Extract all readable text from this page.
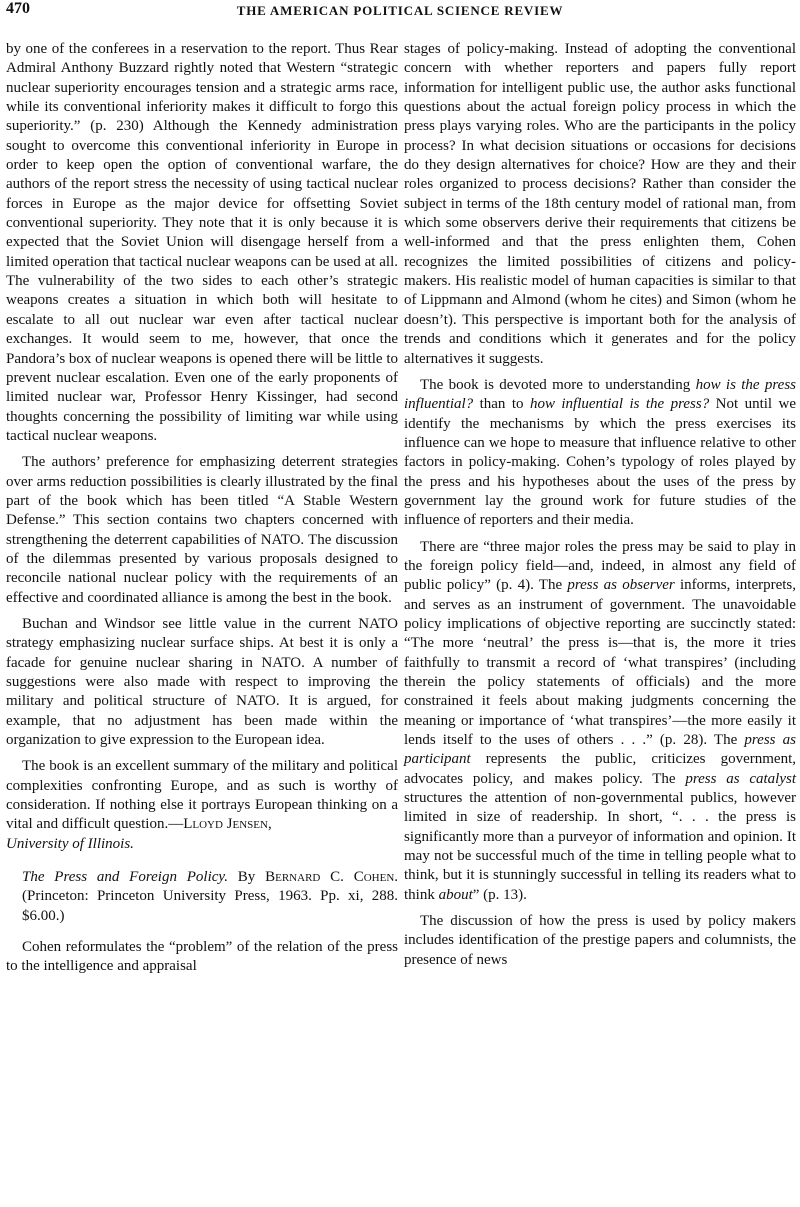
470	THE AMERICAN POLITICAL SCIENCE REVIEW

by one of the conferees in a reservation to the report. Thus Rear Admiral Anthony Buzzard rightly noted that Western “strategic nuclear superiority encourages tension and a strategic arms race, while its conventional inferiority makes it difficult to forgo this superiority.” (p. 230) Although the Kennedy administration sought to overcome this conventional inferiority in Europe in order to keep open the option of conventional warfare, the authors of the report stress the necessity of using tactical nuclear forces in Europe as the major device for offsetting Soviet conventional superiority. They note that it is only because it is expected that the Soviet Union will disengage herself from a limited operation that tactical nuclear weapons can be used at all. The vulnerability of the two sides to each other’s strategic weapons creates a situation in which both will hesitate to escalate to all out nuclear war even after tactical nuclear exchanges. It would seem to me, however, that once the Pandora’s box of nuclear weapons is opened there will be little to prevent nuclear escalation. Even one of the early proponents of limited nuclear war, Professor Henry Kissinger, had second thoughts concerning the possibility of limiting war while using tactical nuclear weapons.

The authors’ preference for emphasizing deterrent strategies over arms reduction possibilities is clearly illustrated by the final part of the book which has been titled “A Stable Western Defense.” This section contains two chapters concerned with strengthening the deterrent capabilities of NATO. The discussion of the dilemmas presented by various proposals designed to reconcile national nuclear policy with the requirements of an effective and coordinated alliance is among the best in the book.

Buchan and Windsor see little value in the current NATO strategy emphasizing nuclear surface ships. At best it is only a facade for genuine nuclear sharing in NATO. A number of suggestions were also made with respect to improving the military and political structure of NATO. It is argued, for example, that no adjustment has been made within the organization to give expression to the European idea.

The book is an excellent summary of the military and political complexities confronting Europe, and as such is worthy of consideration. If nothing else it portrays European thinking on a vital and difficult question.—Lloyd Jensen,
University of Illinois.

The Press and Foreign Policy. By Bernard C. Cohen. (Princeton: Princeton University Press, 1963. Pp. xi, 288. $6.00.)

Cohen reformulates the “problem” of the relation of the press to the intelligence and appraisal

stages of policy-making. Instead of adopting the conventional concern with whether reporters and papers fully report information for intelligent public use, the author asks functional questions about the actual foreign policy process in which the press plays varying roles. Who are the participants in the policy process? In what decision situations or occasions for decisions do they design alternatives for choice? How are they and their roles organized to process decisions? Rather than consider the subject in terms of the 18th century model of rational man, from which some observers derive their requirements that citizens be well-informed and that the press enlighten them, Cohen recognizes the limited possibilities of citizens and policy-makers. His realistic model of human capacities is similar to that of Lippmann and Almond (whom he cites) and Simon (whom he doesn’t). This perspective is important both for the analysis of trends and conditions which it generates and for the policy alternatives it suggests.

The book is devoted more to understanding how is the press influential? than to how influential is the press? Not until we identify the mechanisms by which the press exercises its influence can we hope to measure that influence relative to other factors in policy-making. Cohen’s typology of roles played by the press and his hypotheses about the uses of the press by government lay the ground work for future studies of the influence of reporters and their media.

There are “three major roles the press may be said to play in the foreign policy field—and, indeed, in almost any field of public policy” (p. 4). The press as observer informs, interprets, and serves as an instrument of government. The unavoidable policy implications of objective reporting are succinctly stated: “The more ‘neutral’ the press is—that is, the more it tries faithfully to transmit a record of ‘what transpires’ (including therein the policy statements of officials) and the more constrained it feels about making judgments concerning the meaning or importance of ‘what transpires’—the more easily it lends itself to the uses of others . . .” (p. 28). The press as participant represents the public, criticizes government, advocates policy, and makes policy. The press as catalyst structures the attention of non-governmental publics, however limited in size of readership. In short, “. . . the press is significantly more than a purveyor of information and opinion. It may not be successful much of the time in telling people what to think, but it is stunningly successful in telling its readers what to think about” (p. 13).

The discussion of how the press is used by policy makers includes identification of the prestige papers and columnists, the presence of news
